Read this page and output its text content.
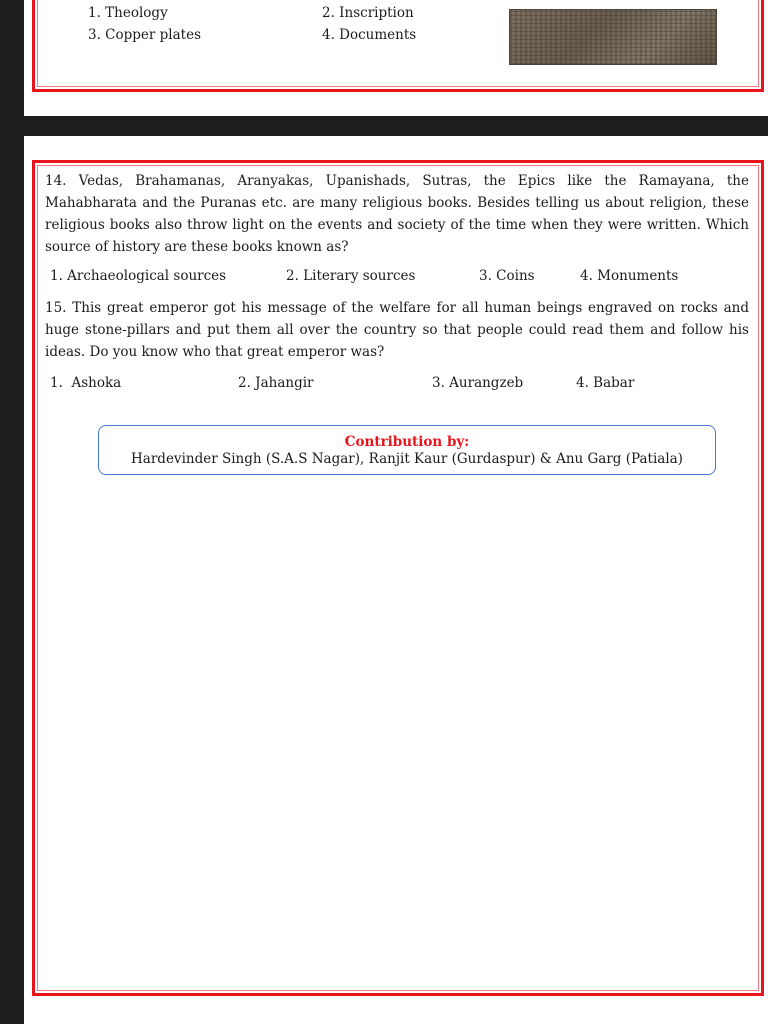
1. Theology	2. Inscription
3. Copper plates	4. Documents
14. Vedas, Brahamanas, Aranyakas, Upanishads, Sutras, the Epics like the Ramayana, the Mahabharata and the Puranas etc. are many religious books. Besides telling us about religion, these religious books also throw light on the events and society of the time when they were written. Which source of history are these books known as?
1. Archaeological sources	2. Literary sources	3. Coins	4. Monuments
15. This great emperor got his message of the welfare for all human beings engraved on rocks and huge stone-pillars and put them all over the country so that people could read them and follow his ideas. Do you know who that great emperor was?
1.  Ashoka	2. Jahangir	3. Aurangzeb	4. Babar
Contribution by:
Hardevinder Singh (S.A.S Nagar), Ranjit Kaur (Gurdaspur) & Anu Garg (Patiala)
